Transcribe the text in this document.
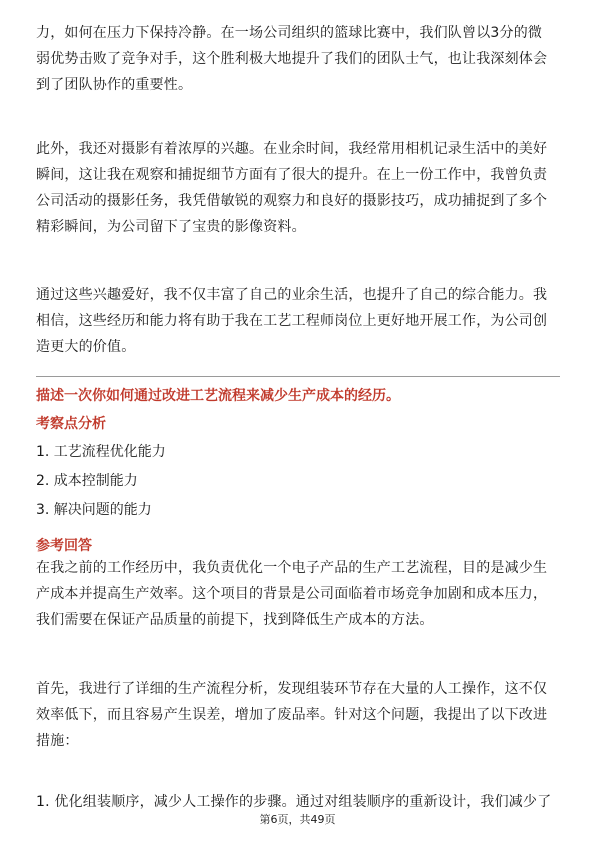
力，如何在压力下保持冷静。在一场公司组织的篮球比赛中，我们队曾以3分的微
弱优势击败了竞争对手，这个胜利极大地提升了我们的团队士气，也让我深刻体会
到了团队协作的重要性。

此外，我还对摄影有着浓厚的兴趣。在业余时间，我经常用相机记录生活中的美好
瞬间，这让我在观察和捕捉细节方面有了很大的提升。在上一份工作中，我曾负责
公司活动的摄影任务，我凭借敏锐的观察力和良好的摄影技巧，成功捕捉到了多个
精彩瞬间，为公司留下了宝贵的影像资料。

通过这些兴趣爱好，我不仅丰富了自己的业余生活，也提升了自己的综合能力。我
相信，这些经历和能力将有助于我在工艺工程师岗位上更好地开展工作，为公司创
造更大的价值。

描述一次你如何通过改进工艺流程来减少生产成本的经历。
考察点分析
1. 工艺流程优化能力
2. 成本控制能力
3. 解决问题的能力
参考回答

在我之前的工作经历中，我负责优化一个电子产品的生产工艺流程，目的是减少生
产成本并提高生产效率。这个项目的背景是公司面临着市场竞争加剧和成本压力，
我们需要在保证产品质量的前提下，找到降低生产成本的方法。

首先，我进行了详细的生产流程分析，发现组装环节存在大量的人工操作，这不仅
效率低下，而且容易产生误差，增加了废品率。针对这个问题，我提出了以下改进
措施：

1. 优化组装顺序，减少人工操作的步骤。通过对组装顺序的重新设计，我们减少了

第6页，共49页
